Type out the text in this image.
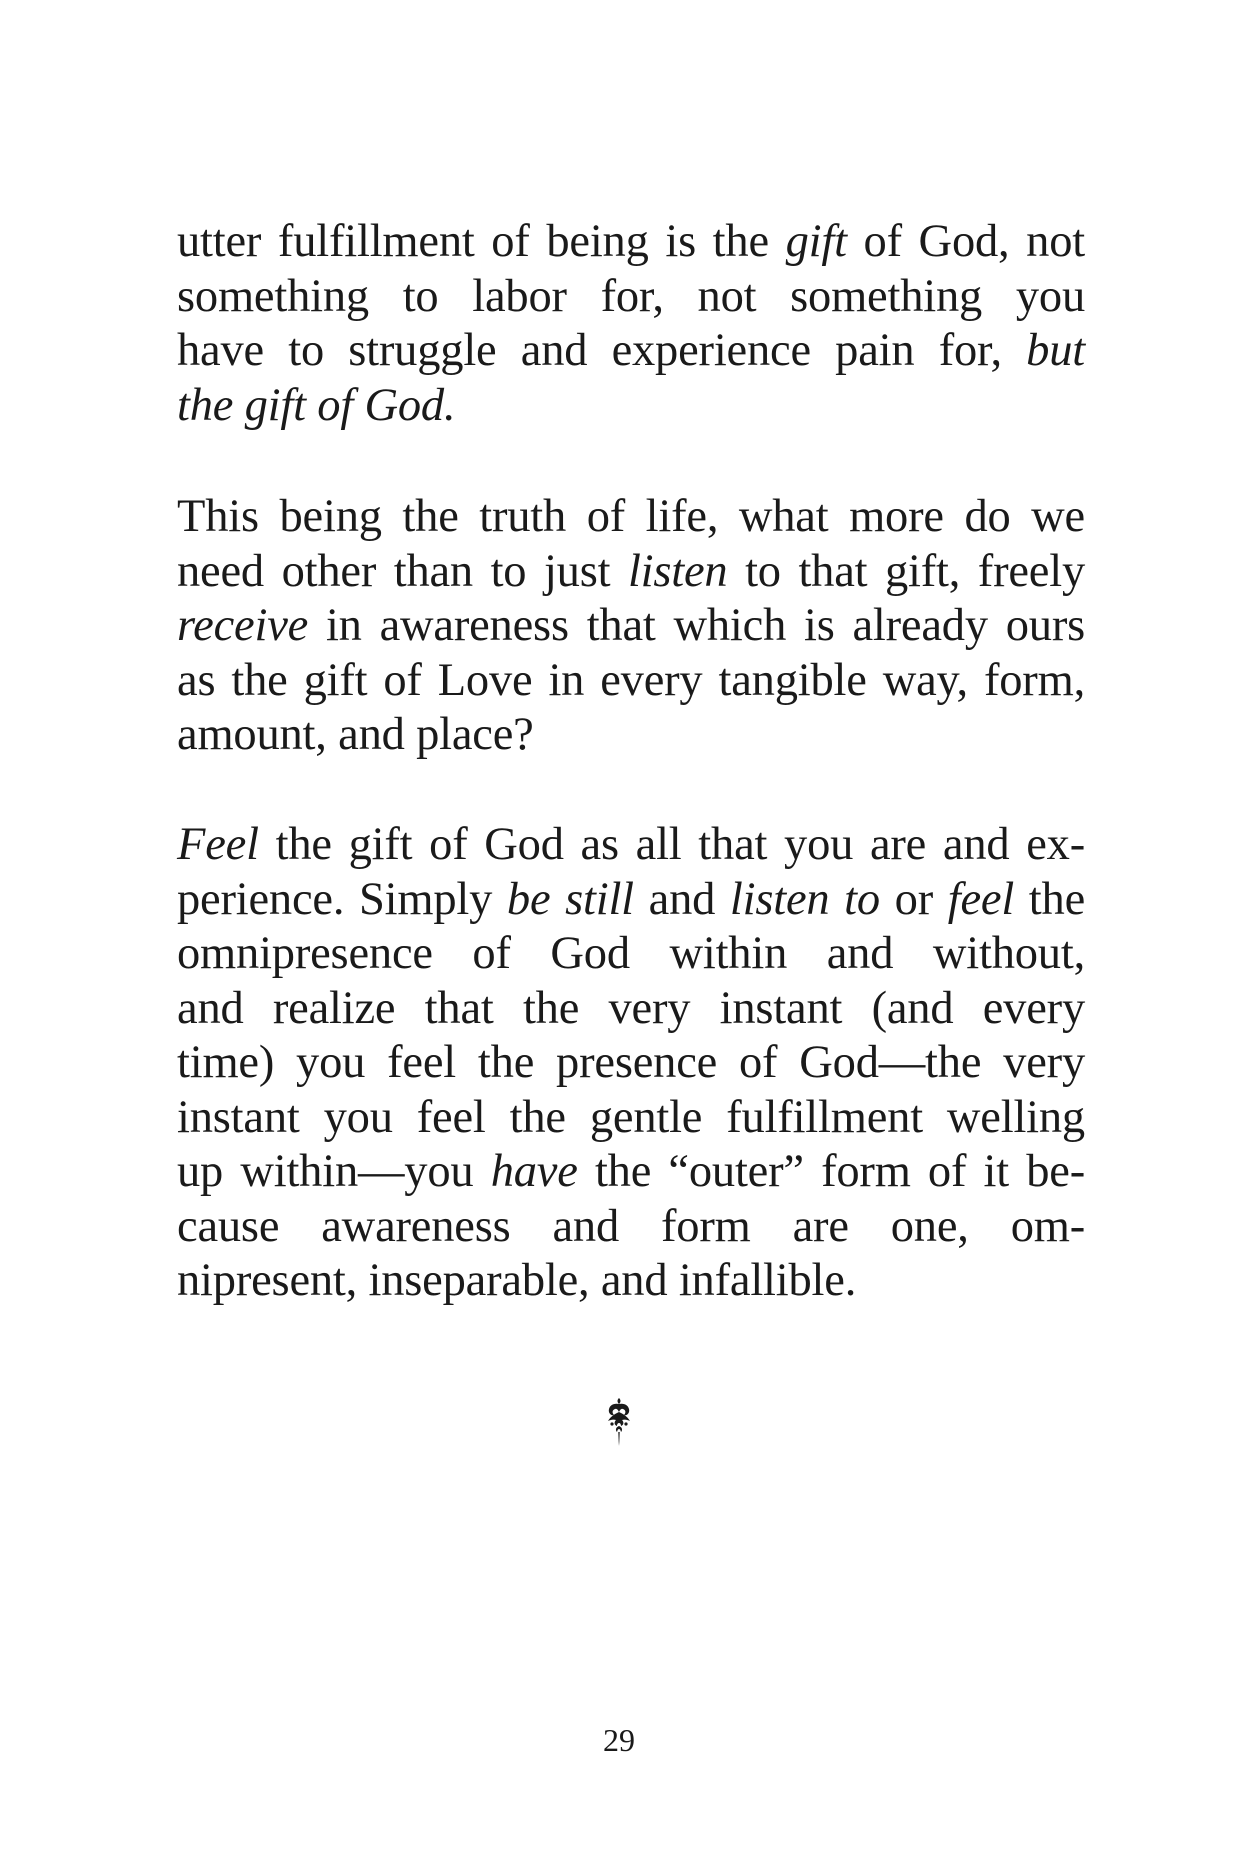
utter fulfillment of being is the gift of God, not
something to labor for, not something you
have to struggle and experience pain for, but
the gift of God.
This being the truth of life, what more do we
need other than to just listen to that gift, freely
receive in awareness that which is already ours
as the gift of Love in every tangible way, form,
amount, and place?
Feel the gift of God as all that you are and ex-
perience. Simply be still and listen to or feel the
omnipresence of God within and without,
and realize that the very instant (and every
time) you feel the presence of God—the very
instant you feel the gentle fulfillment welling
up within—you have the “outer” form of it be-
cause awareness and form are one, om-
nipresent, inseparable, and infallible.
29
